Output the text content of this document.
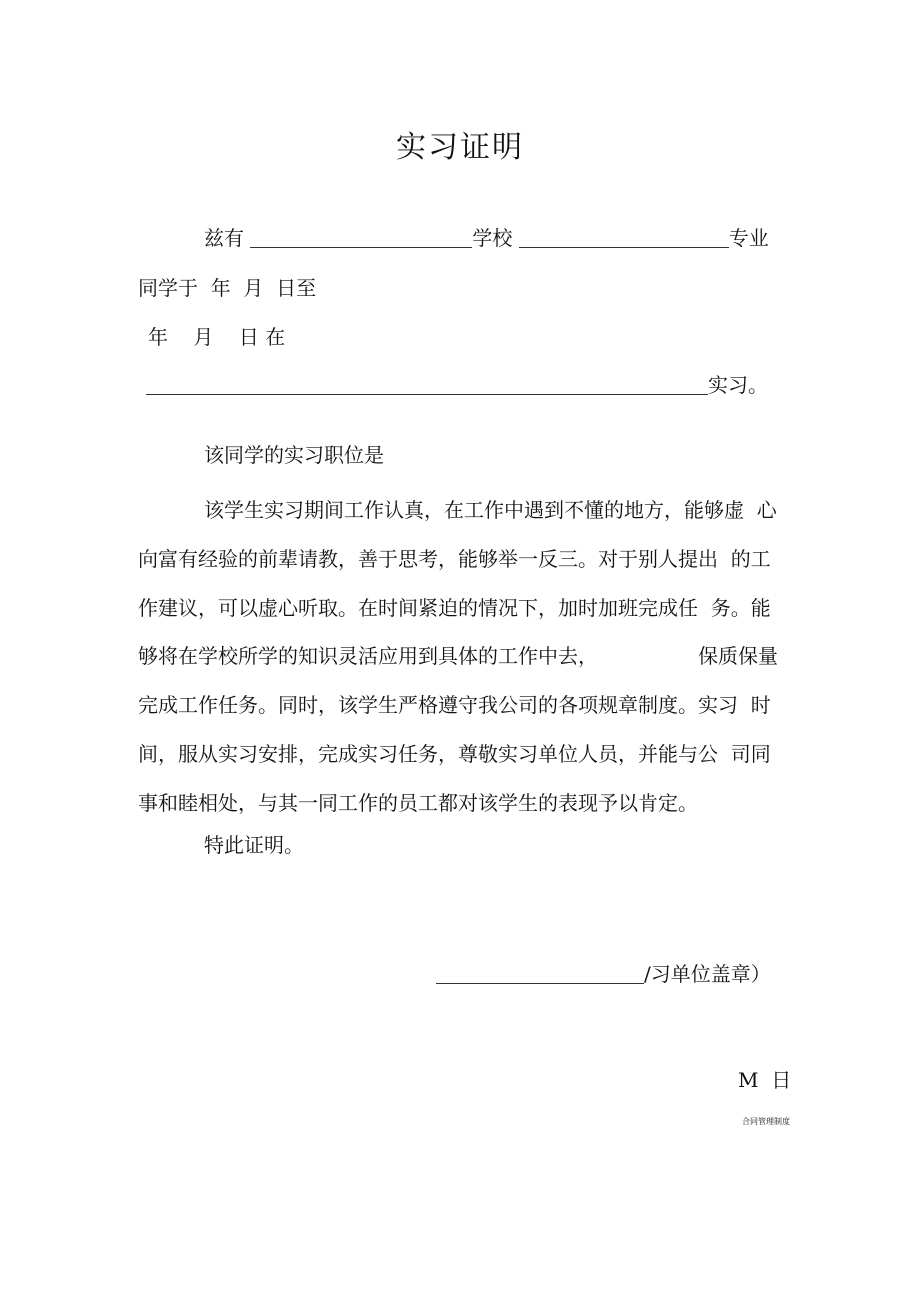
实习证明
兹有	学校	专业
同学于  年  月  日至
年    月    日 在
实习。
该同学的实习职位是
该学生实习期间工作认真，在工作中遇到不懂的地方，能够虚  心
向富有经验的前辈请教，善于思考，能够举一反三。对于别人提出  的工
作建议，可以虚心听取。在时间紧迫的情况下，加时加班完成任  务。能
够将在学校所学的知识灵活应用到具体的工作中去，	保质保量
完成工作任务。同时，该学生严格遵守我公司的各项规章制度。实习  时
间，服从实习安排，完成实习任务，尊敬实习单位人员，并能与公  司同
事和睦相处，与其一同工作的员工都对该学生的表现予以肯定。
特此证明。
/习单位盖章）
M  日
合同管理制度
